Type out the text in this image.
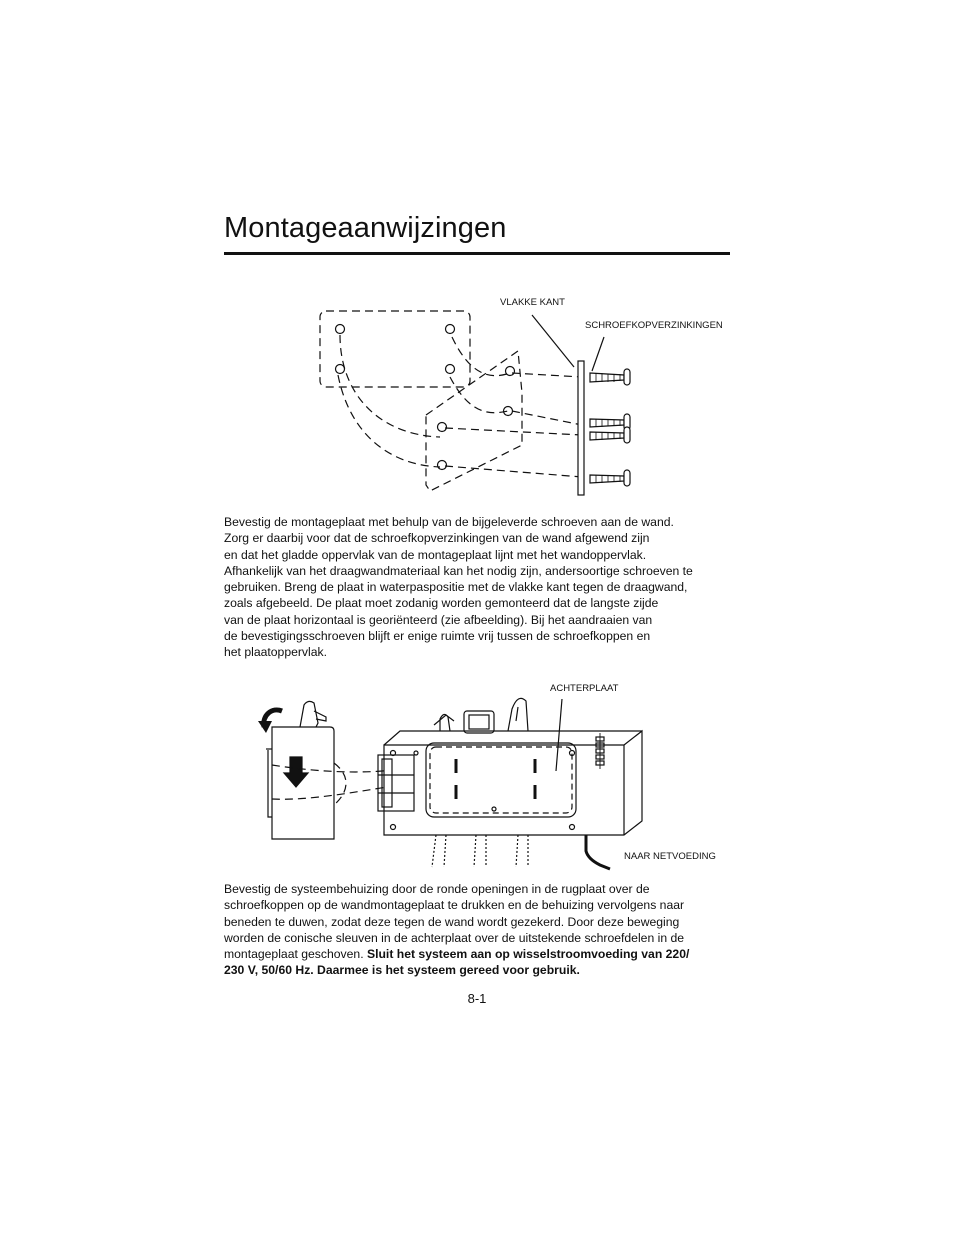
Montageaanwijzingen
VLAKKE KANT
SCHROEFKOPVERZINKINGEN

Bevestig de montageplaat met behulp van de bijgeleverde schroeven aan de wand.
Zorg er daarbij voor dat de schroefkopverzinkingen van de wand afgewend zijn
en dat het gladde oppervlak van de montageplaat lijnt met het wandoppervlak.
Afhankelijk van het draagwandmateriaal kan het nodig zijn, andersoortige schroeven te
gebruiken. Breng de plaat in waterpaspositie met de vlakke kant tegen de draagwand,
zoals afgebeeld. De plaat moet zodanig worden gemonteerd dat de langste zijde
van de plaat horizontaal is georiënteerd (zie afbeelding). Bij het aandraaien van
de bevestigingsschroeven blijft er enige ruimte vrij tussen de schroefkoppen en
het plaatoppervlak.

ACHTERPLAAT
NAAR NETVOEDING

Bevestig de systeembehuizing door de ronde openingen in de rugplaat over de
schroefkoppen op de wandmontageplaat te drukken en de behuizing vervolgens naar
beneden te duwen, zodat deze tegen de wand wordt gezekerd. Door deze beweging
worden de conische sleuven in de achterplaat over de uitstekende schroefdelen in de
montageplaat geschoven. Sluit het systeem aan op wisselstroomvoeding van 220/
230 V, 50/60 Hz. Daarmee is het systeem gereed voor gebruik.

8-1
